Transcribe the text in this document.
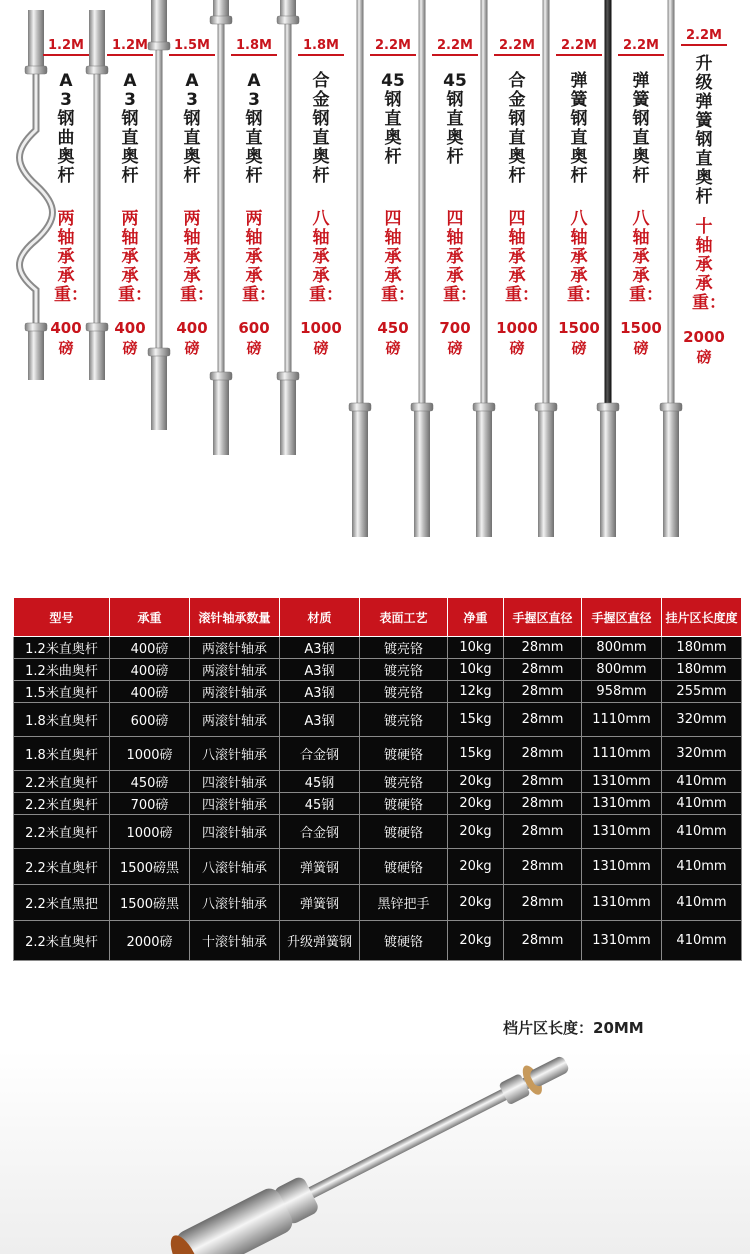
1.2M
A3钢曲奥杆
两轴承承重：
400
磅
1.2M
A3钢直奥杆
两轴承承重：
400
磅
1.5M
A3钢直奥杆
两轴承承重：
400
磅
1.8M
A3钢直奥杆
两轴承承重：
600
磅
1.8M
合金钢直奥杆
八轴承承重：
1000
磅
2.2M
45钢直奥杆
四轴承承重：
450
磅
2.2M
45钢直奥杆
四轴承承重：
700
磅
2.2M
合金钢直奥杆
四轴承承重：
1000
磅
2.2M
弹簧钢直奥杆
八轴承承重：
1500
磅
2.2M
弹簧钢直奥杆
八轴承承重：
1500
磅
2.2M
升级弹簧钢直奥杆
十轴承承重：
2000
磅
型号	承重	滚针轴承数量	材质	表面工艺	净重	手握区直径	手握区直径	挂片区长度度
1.2米直奥杆	400磅	两滚针轴承	A3钢	镀亮铬	10kg	28mm	800mm	180mm
1.2米曲奥杆	400磅	两滚针轴承	A3钢	镀亮铬	10kg	28mm	800mm	180mm
1.5米直奥杆	400磅	两滚针轴承	A3钢	镀亮铬	12kg	28mm	958mm	255mm
1.8米直奥杆	600磅	两滚针轴承	A3钢	镀亮铬	15kg	28mm	1110mm	320mm
1.8米直奥杆	1000磅	八滚针轴承	合金钢	镀硬铬	15kg	28mm	1110mm	320mm
2.2米直奥杆	450磅	四滚针轴承	45钢	镀亮铬	20kg	28mm	1310mm	410mm
2.2米直奥杆	700磅	四滚针轴承	45钢	镀硬铬	20kg	28mm	1310mm	410mm
2.2米直奥杆	1000磅	四滚针轴承	合金钢	镀硬铬	20kg	28mm	1310mm	410mm
2.2米直奥杆	1500磅黑	八滚针轴承	弹簧钢	镀硬铬	20kg	28mm	1310mm	410mm
2.2米直黑把	1500磅黑	八滚针轴承	弹簧钢	黑锌把手	20kg	28mm	1310mm	410mm
2.2米直奥杆	2000磅	十滚针轴承	升级弹簧钢	镀硬铬	20kg	28mm	1310mm	410mm
档片区长度：20MM
